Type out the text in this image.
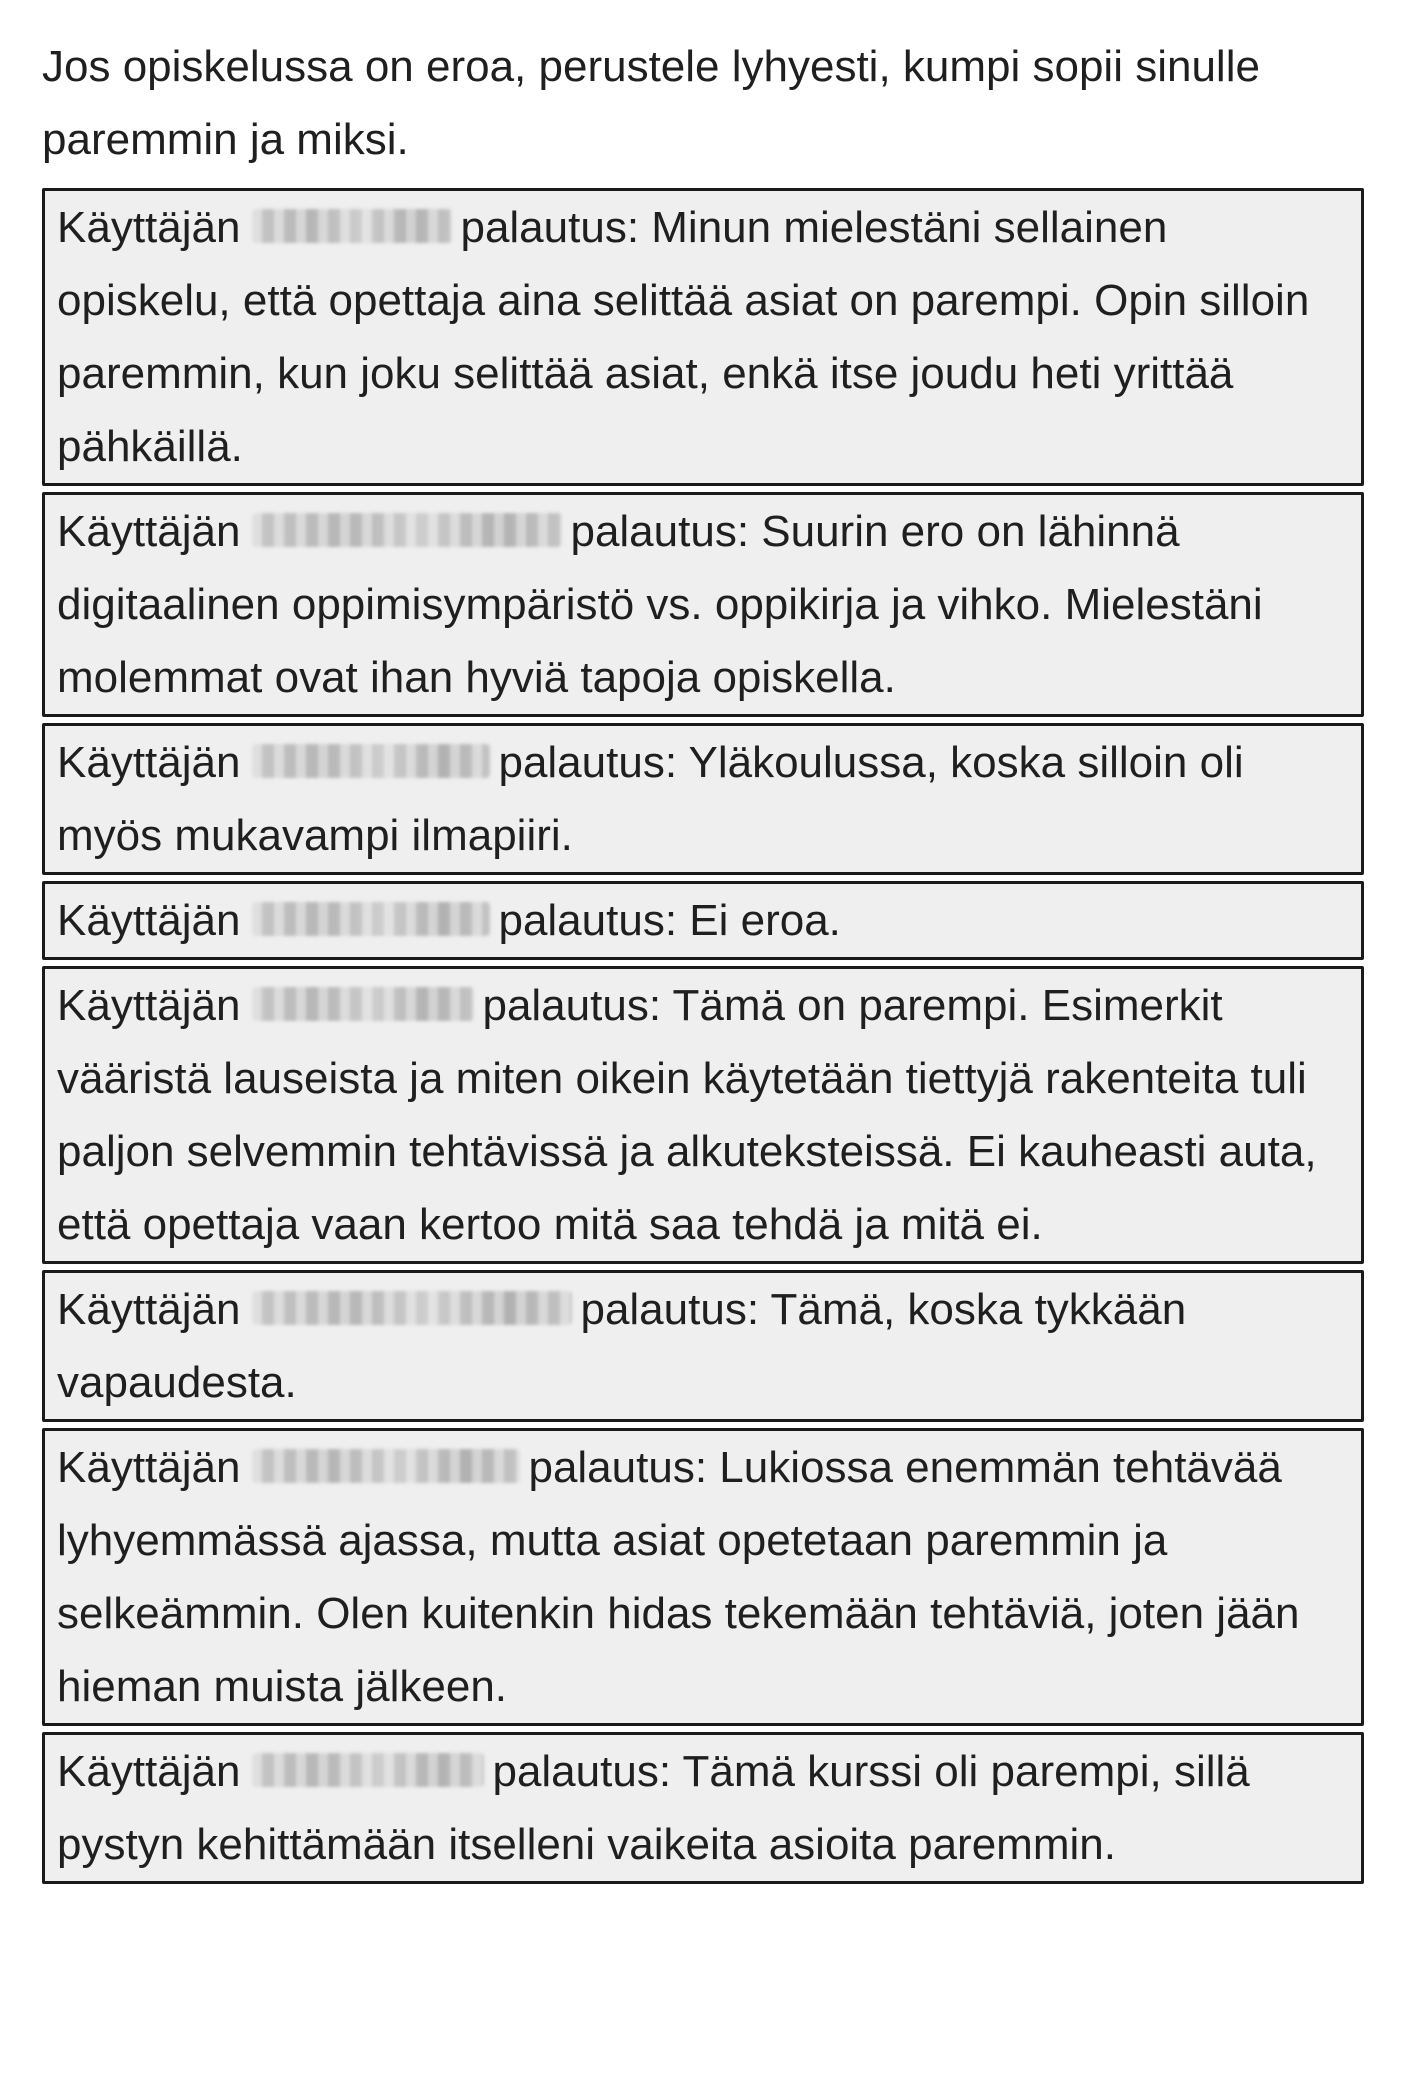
Jos opiskelussa on eroa, perustele lyhyesti, kumpi sopii sinulle paremmin ja miksi.

Käyttäjän	palautus: Minun mielestäni sellainen opiskelu, että opettaja aina selittää asiat on parempi. Opin silloin paremmin, kun joku selittää asiat, enkä itse joudu heti yrittää pähkäillä.
Käyttäjän	palautus: Suurin ero on lähinnä digitaalinen oppimisympäristö vs. oppikirja ja vihko. Mielestäni molemmat ovat ihan hyviä tapoja opiskella.
Käyttäjän	palautus: Yläkoulussa, koska silloin oli myös mukavampi ilmapiiri.
Käyttäjän	palautus: Ei eroa.
Käyttäjän	palautus: Tämä on parempi. Esimerkit vääristä lauseista ja miten oikein käytetään tiettyjä rakenteita tuli paljon selvemmin tehtävissä ja alkuteksteissä. Ei kauheasti auta, että opettaja vaan kertoo mitä saa tehdä ja mitä ei.
Käyttäjän	palautus: Tämä, koska tykkään vapaudesta.
Käyttäjän	palautus: Lukiossa enemmän tehtävää lyhyemmässä ajassa, mutta asiat opetetaan paremmin ja selkeämmin. Olen kuitenkin hidas tekemään tehtäviä, joten jään hieman muista jälkeen.
Käyttäjän	palautus: Tämä kurssi oli parempi, sillä pystyn kehittämään itselleni vaikeita asioita paremmin.
